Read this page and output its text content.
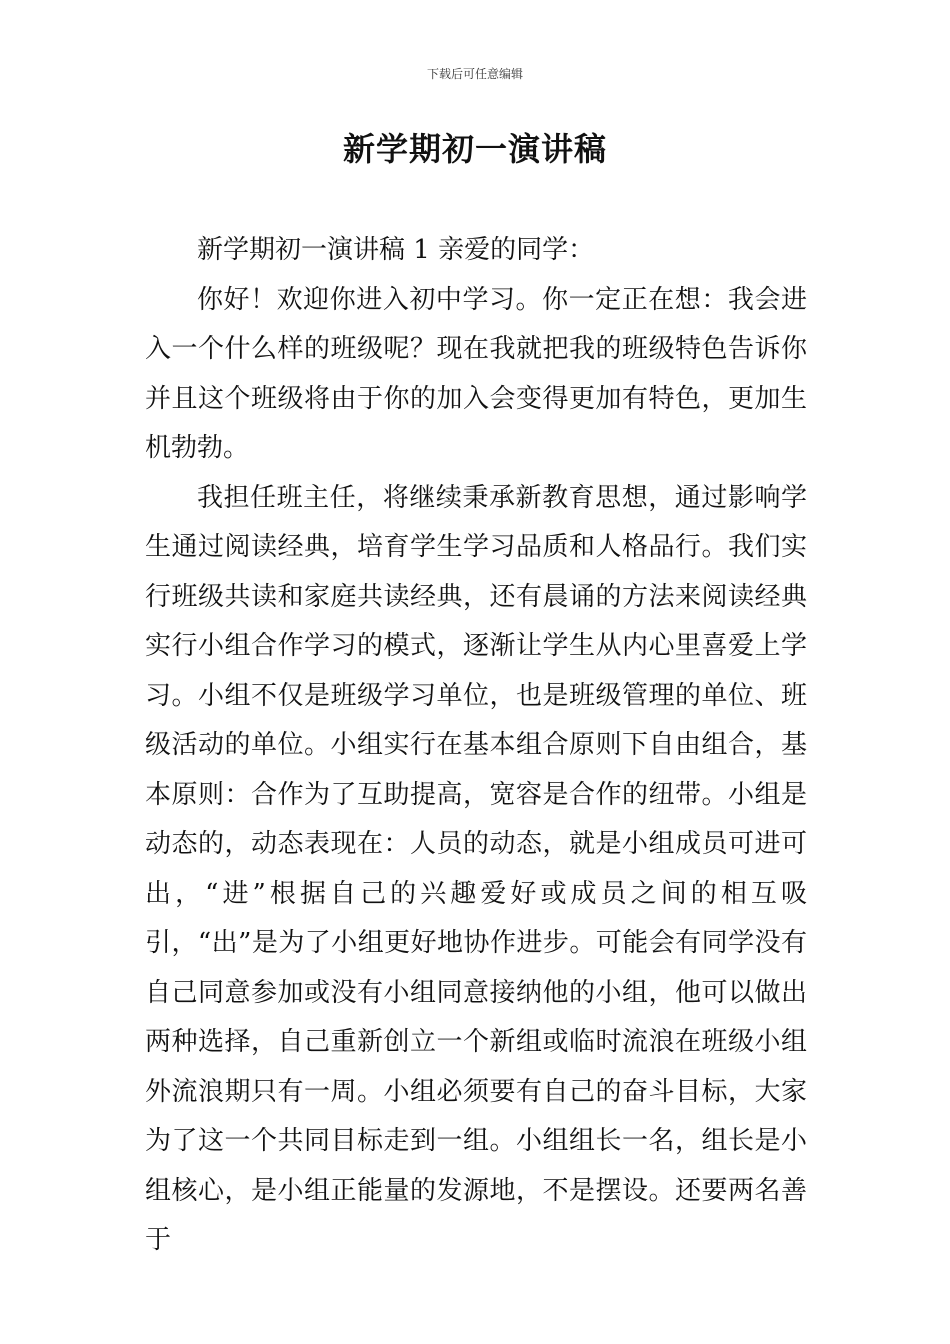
下载后可任意编辑
新学期初一演讲稿

新学期初一演讲稿 1 亲爱的同学：

你好！欢迎你进入初中学习。你一定正在想：我会进入一个什么样的班级呢？现在我就把我的班级特色告诉你并且这个班级将由于你的加入会变得更加有特色，更加生机勃勃。

我担任班主任，将继续秉承新教育思想，通过影响学生通过阅读经典，培育学生学习品质和人格品行。我们实行班级共读和家庭共读经典，还有晨诵的方法来阅读经典实行小组合作学习的模式，逐渐让学生从内心里喜爱上学习。小组不仅是班级学习单位，也是班级管理的单位、班级活动的单位。小组实行在基本组合原则下自由组合，基本原则：合作为了互助提高，宽容是合作的纽带。小组是动态的，动态表现在：人员的动态，就是小组成员可进可出，“进”根据自己的兴趣爱好或成员之间的相互吸引，“出”是为了小组更好地协作进步。可能会有同学没有自己同意参加或没有小组同意接纳他的小组，他可以做出两种选择，自己重新创立一个新组或临时流浪在班级小组外流浪期只有一周。小组必须要有自己的奋斗目标，大家为了这一个共同目标走到一组。小组组长一名，组长是小组核心，是小组正能量的发源地，不是摆设。还要两名善于
